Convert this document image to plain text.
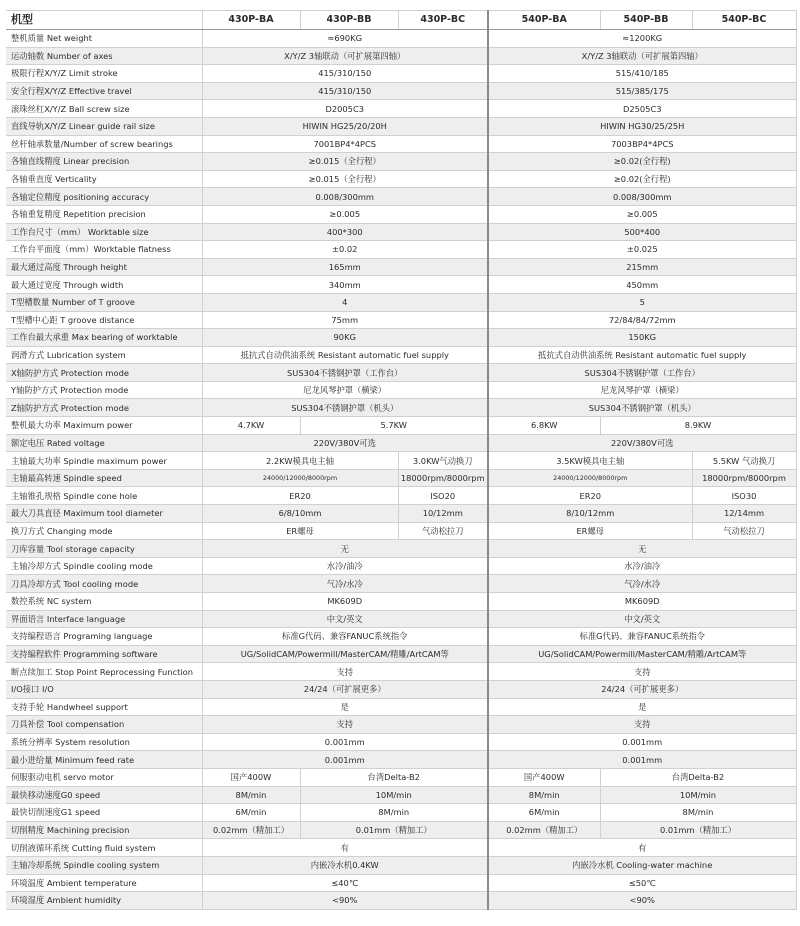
机型	430P-BA	430P-BB	430P-BC	540P-BA	540P-BB	540P-BC
整机质量 Net weight	≈690KG			≈1200KG		
运动轴数 Number of axes	X/Y/Z 3轴联动（可扩展第四轴）			X/Y/Z 3轴联动（可扩展第四轴）		
极限行程X/Y/Z Limit stroke	415/310/150			515/410/185		
安全行程X/Y/Z Effective travel	415/310/150			515/385/175		
滚珠丝杠X/Y/Z Ball screw size	D2005C3			D2505C3		
直线导轨X/Y/Z Linear guide rail size	HIWIN HG25/20/20H			HIWIN HG30/25/25H		
丝杆轴承数量/Number of screw bearings	7001BP4*4PCS			7003BP4*4PCS		
各轴直线精度 Linear precision	≥0.015（全行程）			≥0.02(全行程)		
各轴垂直度 Verticality	≥0.015（全行程）			≥0.02(全行程)		
各轴定位精度 positioning accuracy	0.008/300mm			0.008/300mm		
各轴重复精度 Repetition precision	≥0.005			≥0.005		
工作台尺寸（mm） Worktable size	400*300			500*400		
工作台平面度（mm）Worktable flatness	±0.02			±0.025		
最大通过高度 Through height	165mm			215mm		
最大通过宽度 Through width	340mm			450mm		
T型槽数量 Number of T groove	4			5		
T型槽中心距 T groove distance	75mm			72/84/84/72mm		
工作台最大承重 Max bearing of worktable	90KG			150KG		
润滑方式 Lubrication system	抵抗式自动供油系统 Resistant automatic fuel supply			抵抗式自动供油系统 Resistant automatic fuel supply		
X轴防护方式 Protection mode	SUS304不锈钢护罩（工作台）			SUS304不锈钢护罩（工作台）		
Y轴防护方式 Protection mode	尼龙风琴护罩（横梁）			尼龙风琴护罩（横梁）		
Z轴防护方式 Protection mode	SUS304不锈钢护罩（机头）			SUS304不锈钢护罩（机头）		
整机最大功率 Maximum power	4.7KW	5.7KW		6.8KW	8.9KW	
额定电压 Rated voltage	220V/380V可选			220V/380V可选		
主轴最大功率 Spindle maximum power	2.2KW模具电主轴		3.0KW气动换刀	3.5KW模具电主轴		5.5KW 气动换刀
主轴最高转速 Spindle speed	24000/12000/8000rpm		18000rpm/8000rpm	24000/12000/8000rpm		18000rpm/8000rpm
主轴锥孔规格 Spindle cone hole	ER20		ISO20	ER20		ISO30
最大刀具直径 Maximum tool diameter	6/8/10mm		10/12mm	8/10/12mm		12/14mm
换刀方式 Changing mode	ER螺母		气动松拉刀	ER螺母		气动松拉刀
刀库容量 Tool storage capacity	无			无		
主轴冷却方式 Spindle cooling mode	水冷/油冷			水冷/油冷		
刀具冷却方式 Tool cooling mode	气冷/水冷			气冷/水冷		
数控系统 NC system	MK609D			MK609D		
界面语言 Interface language	中文/英文			中文/英文		
支持编程语言 Programing language	标准G代码、兼容FANUC系统指令			标准G代码、兼容FANUC系统指令		
支持编程软件 Programming software	UG/SolidCAM/Powermill/MasterCAM/精雕/ArtCAM等			UG/SolidCAM/Powermill/MasterCAM/精雕/ArtCAM等		
断点续加工 Stop Point Reprocessing Function	支持			支持		
I/O接口 I/O	24/24（可扩展更多）			24/24（可扩展更多）		
支持手轮 Handwheel support	是			是		
刀具补偿 Tool compensation	支持			支持		
系统分辨率 System resolution	0.001mm			0.001mm		
最小进给量 Minimum feed rate	0.001mm			0.001mm		
伺服驱动电机 servo motor	国产400W	台湾Delta-B2		国产400W	台湾Delta-B2	
最快移动速度G0 speed	8M/min	10M/min		8M/min	10M/min	
最快切削速度G1 speed	6M/min	8M/min		6M/min	8M/min	
切削精度 Machining precision	0.02mm（精加工）	0.01mm（精加工）		0.02mm（精加工）	0.01mm（精加工）	
切削液循环系统 Cutting fluid system	有			有		
主轴冷却系统 Spindle cooling system	内嵌冷水机0.4KW			内嵌冷水机 Cooling-water machine		
环境温度 Ambient temperature	≤40℃			≤50℃		
环境湿度 Ambient humidity	<90%			<90%		
